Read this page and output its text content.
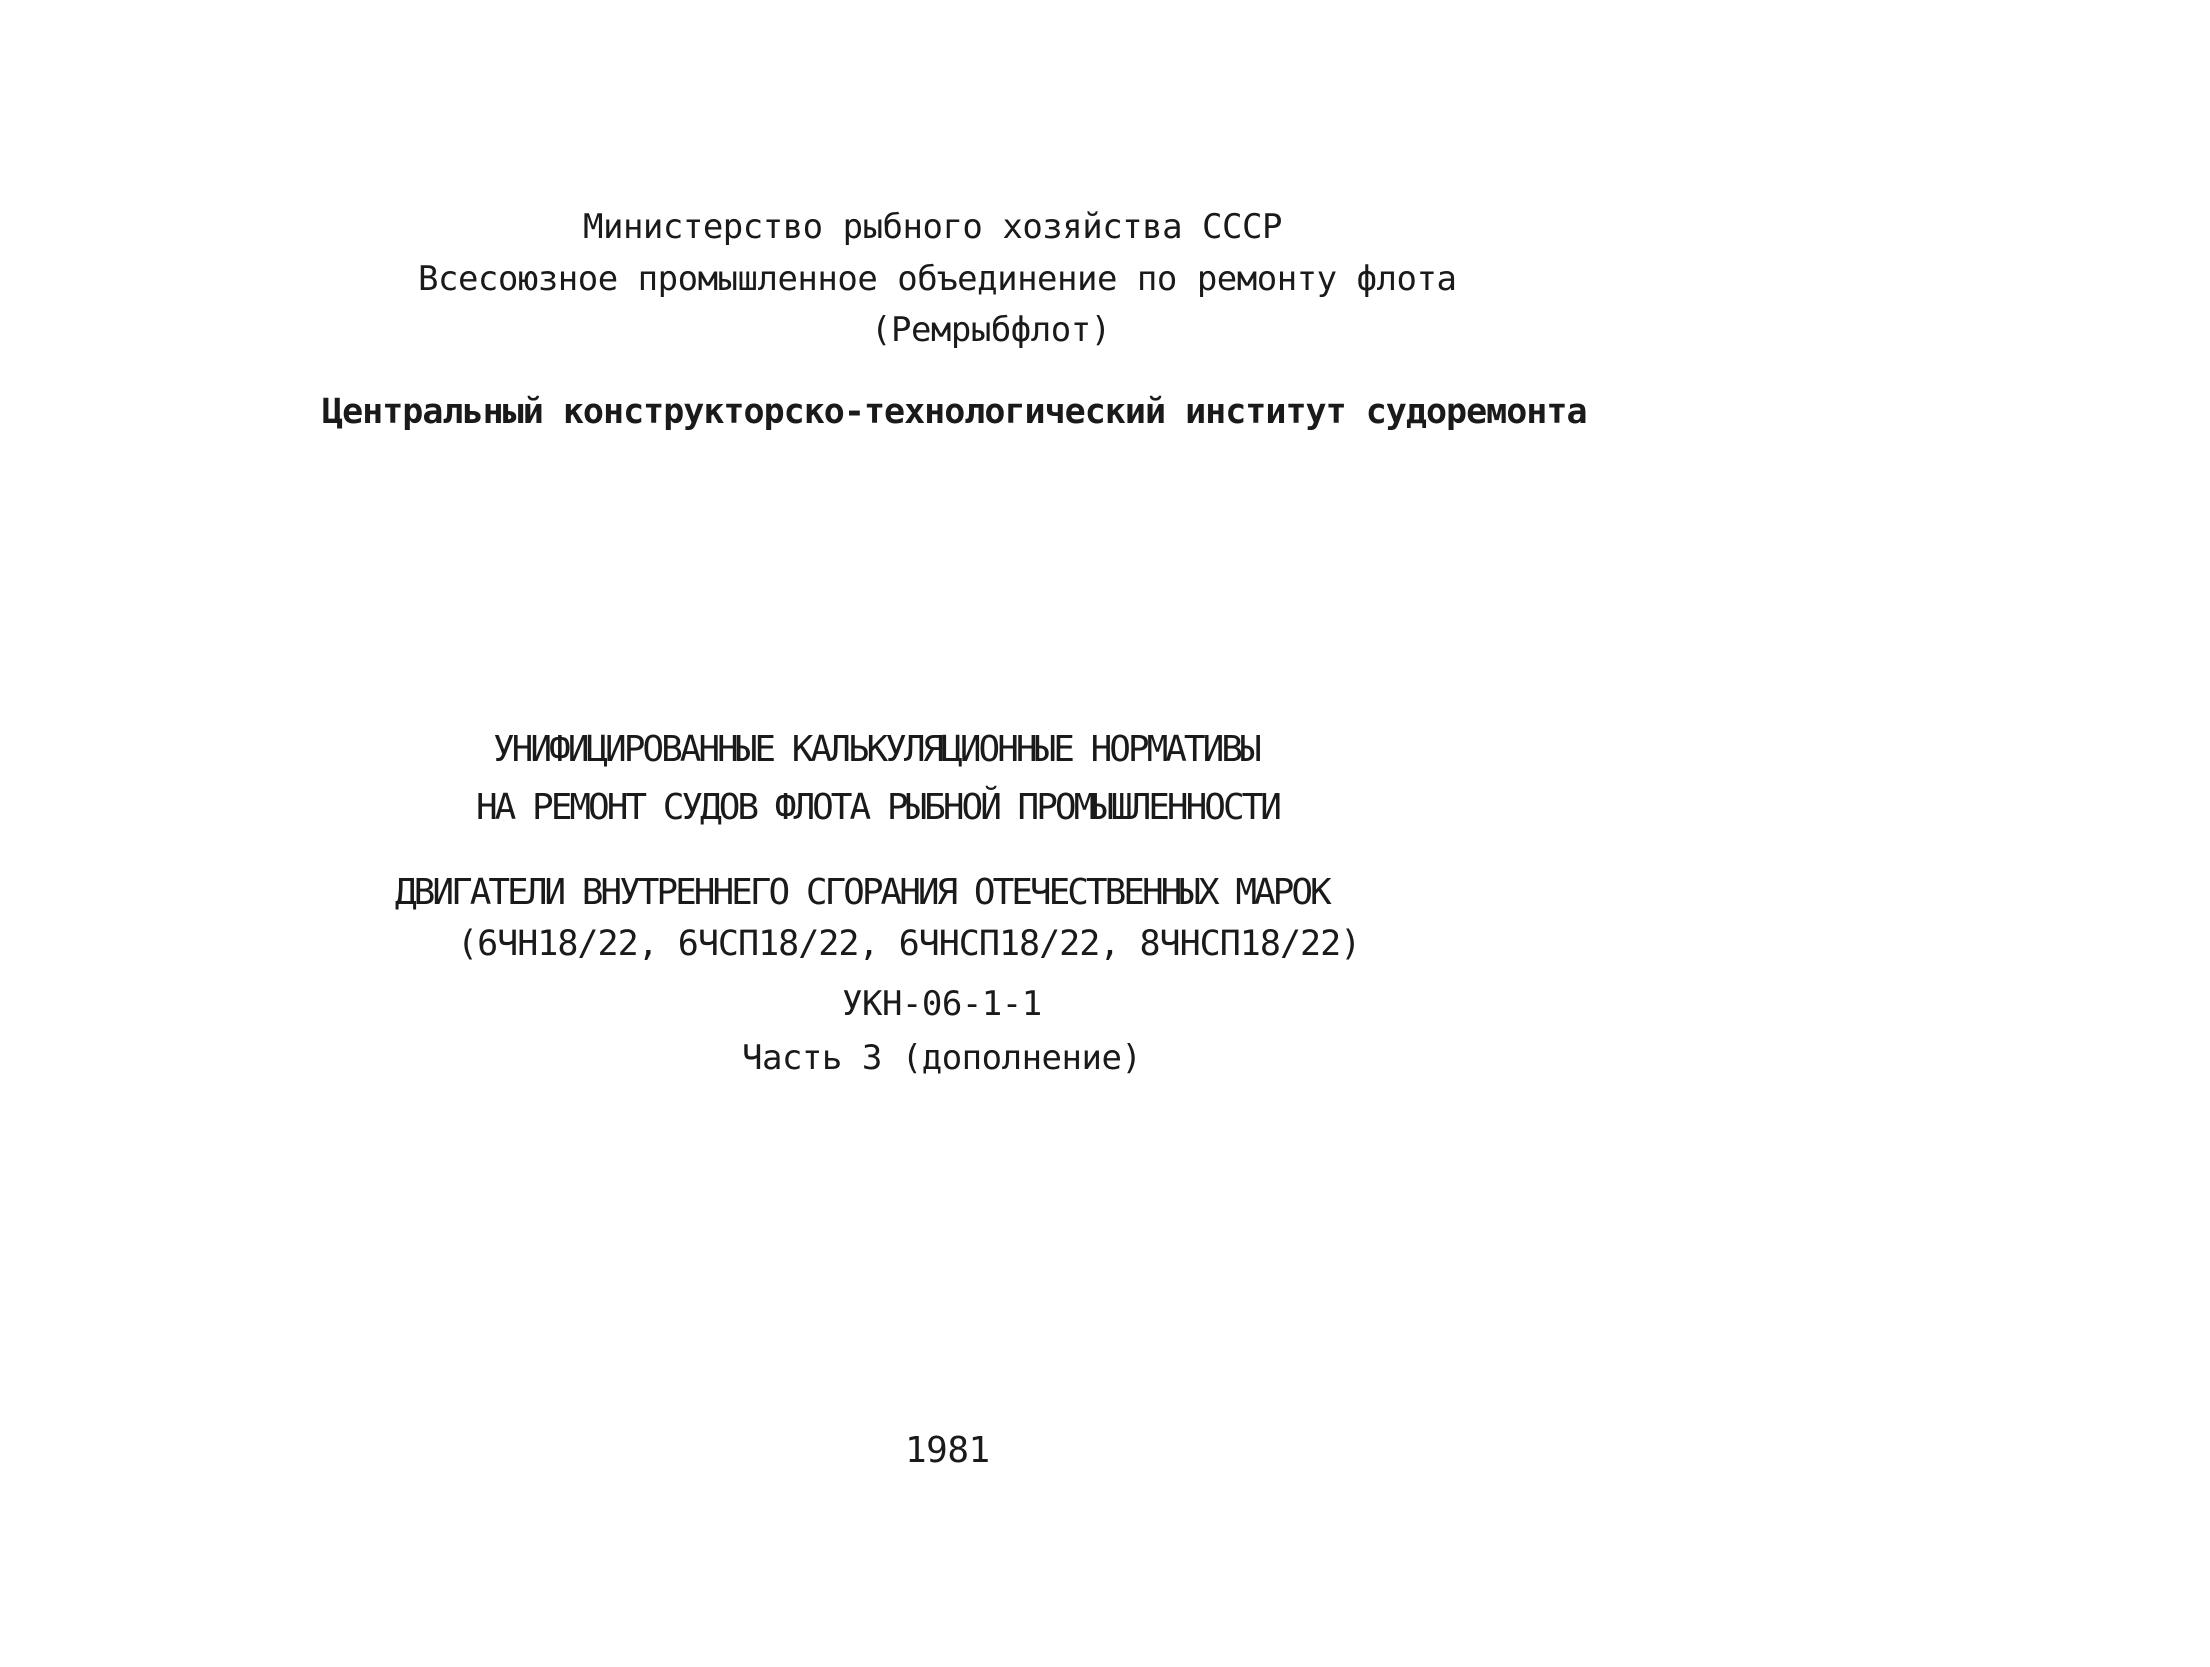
Министерство рыбного хозяйства СССР
Всесоюзное промышленное объединение по ремонту флота
(Ремрыбфлот)
Центральный конструкторско-технологический институт судоремонта
УНИФИЦИРОВАННЫЕ КАЛЬКУЛЯЦИОННЫЕ НОРМАТИВЫ
НА РЕМОНТ СУДОВ ФЛОТА РЫБНОЙ ПРОМЫШЛЕННОСТИ
ДВИГАТЕЛИ ВНУТРЕННЕГО СГОРАНИЯ ОТЕЧЕСТВЕННЫХ МАРОК
(6ЧН18/22, 6ЧСП18/22, 6ЧНСП18/22, 8ЧНСП18/22)
УКН-06-1-1
Часть 3 (дополнение)
1981
